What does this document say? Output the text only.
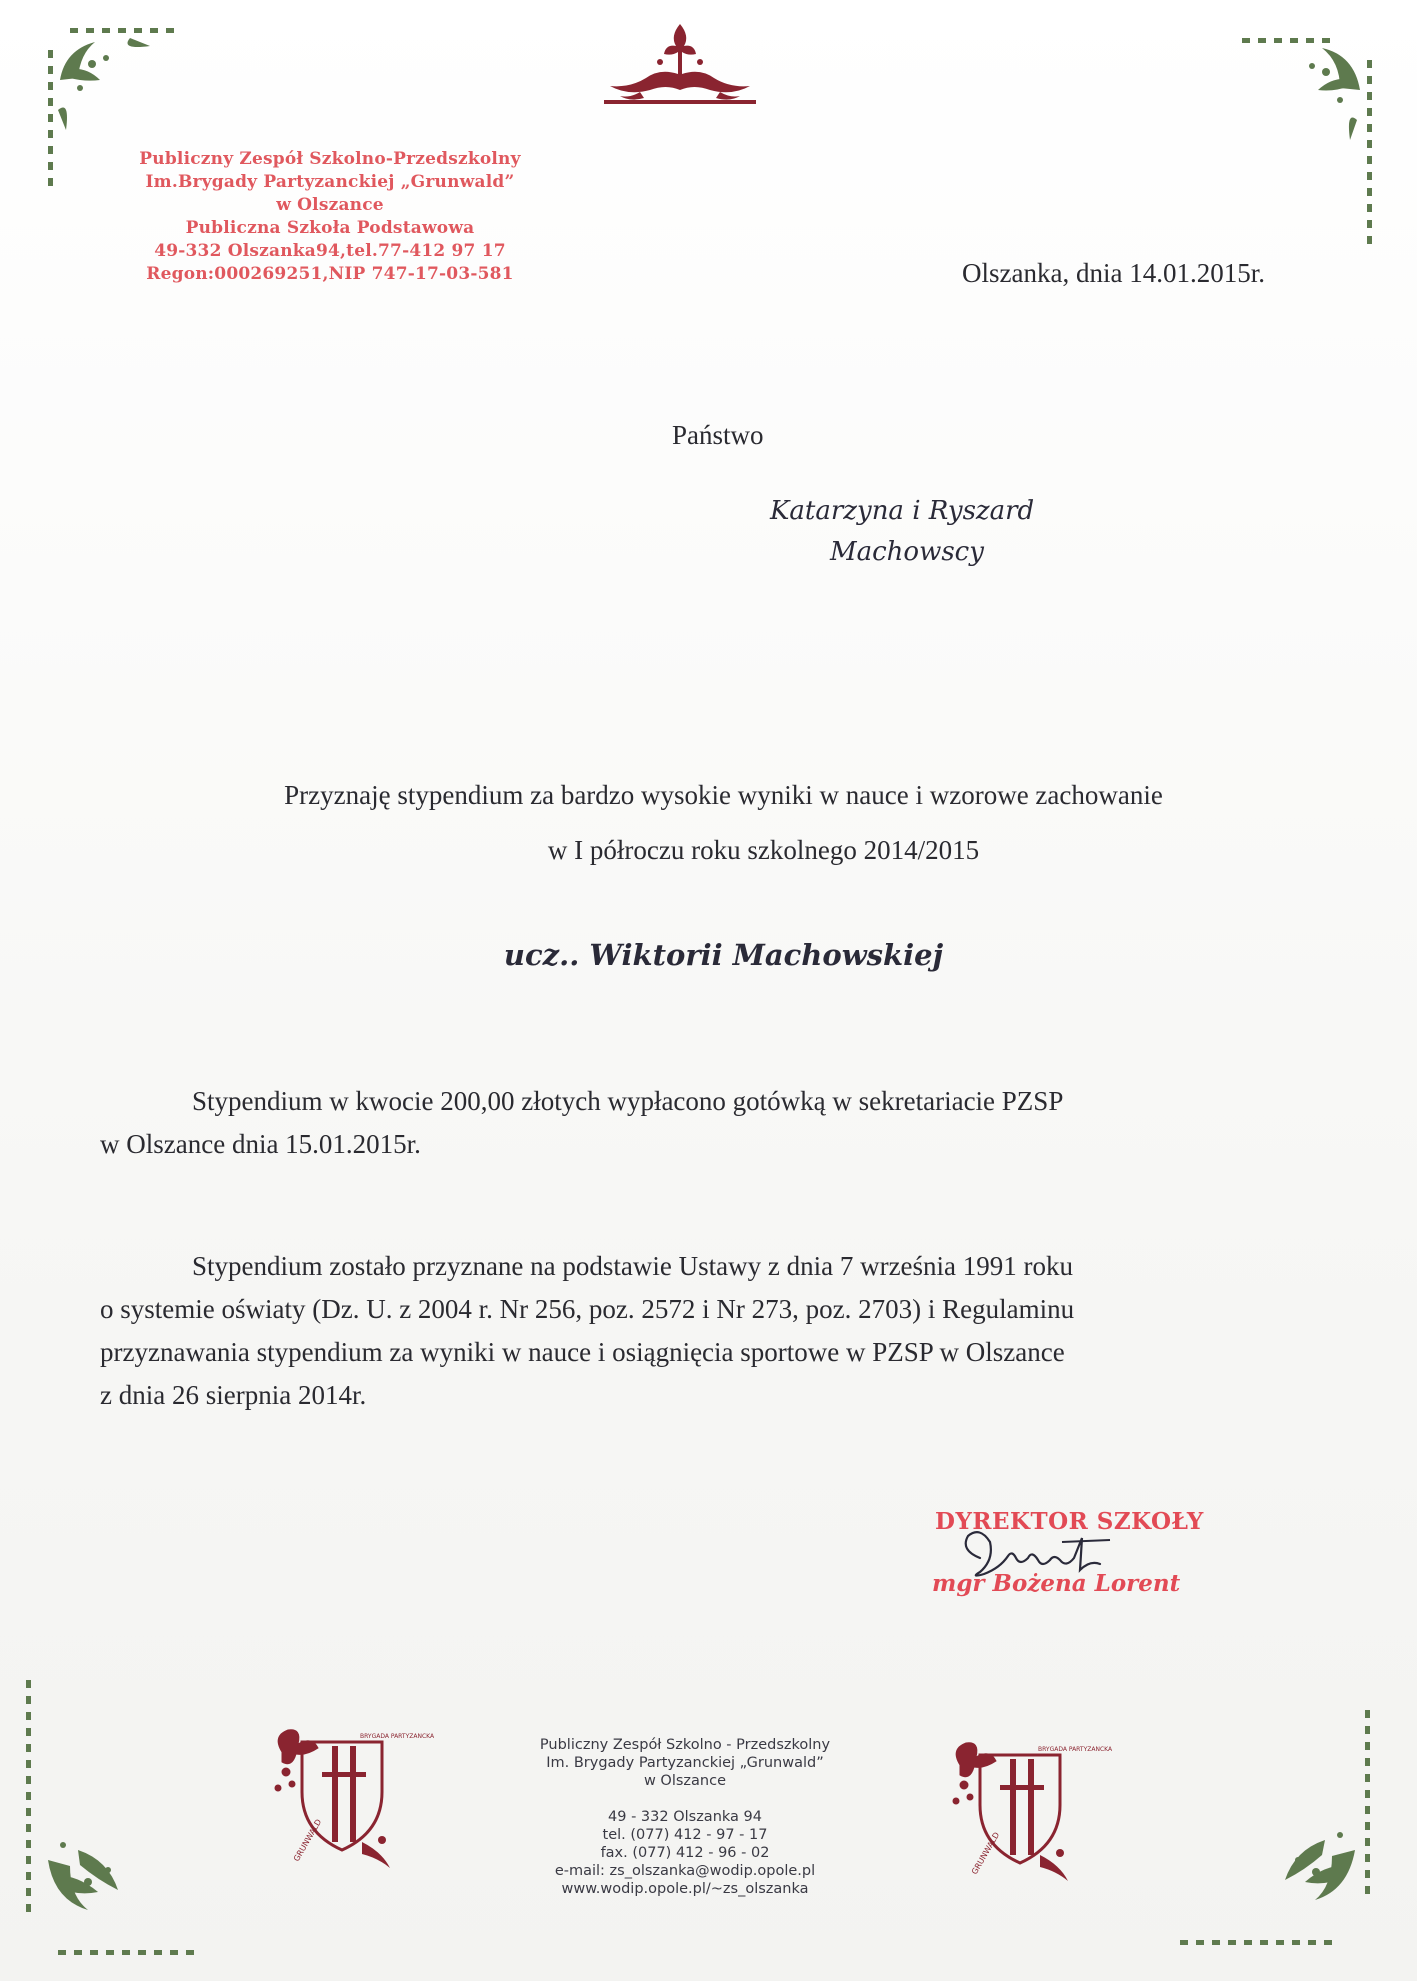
Publiczny Zespół Szkolno-Przedszkolny
Im.Brygady Partyzanckiej „Grunwald”
w Olszance
Publiczna Szkoła Podstawowa
49-332 Olszanka94,tel.77-412 97 17
Regon:000269251,NIP 747-17-03-581	Olszanka, dnia 14.01.2015r.
Państwo
Katarzyna i Ryszard
Machowscy
Przyznaję stypendium za bardzo wysokie wyniki w nauce i wzorowe zachowanie
w I półroczu roku szkolnego 2014/2015
ucz.. Wiktorii Machowskiej
Stypendium w kwocie 200,00 złotych wypłacono gotówką w sekretariacie PZSP
w Olszance dnia 15.01.2015r.
Stypendium zostało przyznane na podstawie Ustawy z dnia 7 września 1991 roku
o systemie oświaty (Dz. U. z 2004 r. Nr 256, poz. 2572 i Nr 273, poz. 2703) i Regulaminu
przyznawania stypendium za wyniki w nauce i osiągnięcia sportowe w PZSP w Olszance
z dnia 26 sierpnia 2014r.
DYREKTOR SZKOŁY
mgr Bożena Lorent
BRYGADA PARTYZANCKA
GRUNWALD
BRYGADA PARTYZANCKA
GRUNWALD
Publiczny Zespół Szkolno - Przedszkolny
Im. Brygady Partyzanckiej „Grunwald”
w Olszance
49 - 332 Olszanka 94
tel. (077) 412 - 97 - 17
fax. (077) 412 - 96 - 02
e-mail: zs_olszanka@wodip.opole.pl
www.wodip.opole.pl/~zs_olszanka
